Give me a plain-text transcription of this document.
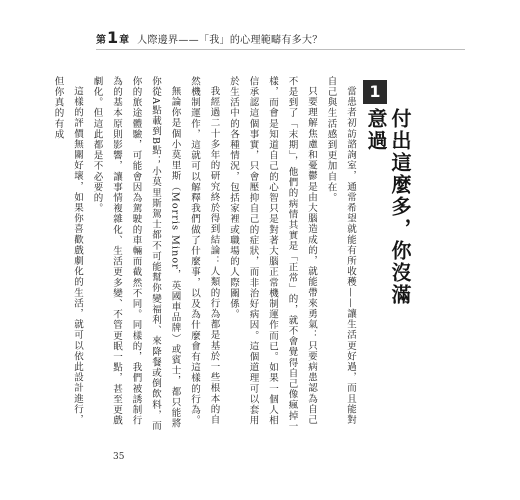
第 1 章 人際邊界——「我」的心理範疇有多大？
1
付出這麼多，你沒滿意過

當患者初訪諮詢室，通常希望就能有所收穫——讓生活更好過，而且能對自己與生活感到更加自在。

只要理解焦慮和憂鬱是由大腦造成的，就能帶來勇氣：只要病患認為自己不是到了「末期」，他們的病情其實是「正常」的，就不會覺得自己像瘋掉一樣，而會是知道自己的心智只是對著大腦正常機制運作而已。如果一個人相信承認這個事實，只會壓抑自己的症狀，而非治好病因。這個道理可以套用於生活中的各種情況，包括家裡或職場的人際關係。

我經過二十多年的研究終於得到結論：人類的行為都是基於一些根本的自然機制運作，這就可以解釋我們做了什麼事，以及為什麼會有這樣的行為。

無論你是個小莫里斯（Morris Minor，英國車品牌）或賓士，都只能將你從A點載到B點；小莫里斯駕士都不可能幫你變福利、來降餐或倒飲料，而你的旅途體驗，可能會因為駕駛的車輛而截然不同。同樣的，我們被誘制行為的基本原則影響，讓事情複雜化、生活更多變、不管更眠一點，甚至更戲劇化。但這此都是不必要的。

這樣的評價無關好壞，如果你喜歡戲劇化的生活，就可以依此設計進行，但你真的有成

35
